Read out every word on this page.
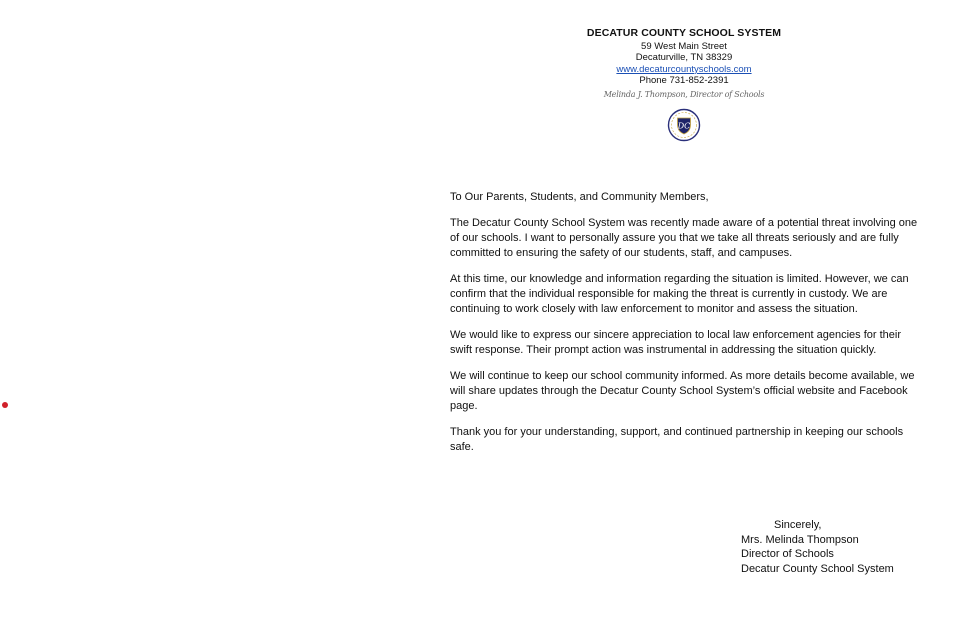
DECATUR COUNTY SCHOOL SYSTEM
59 West Main Street
Decaturville, TN 38329
www.decaturcountyschools.com
Phone 731-852-2391
Melinda J. Thompson, Director of Schools
DC

To Our Parents, Students, and Community Members,

The Decatur County School System was recently made aware of a potential threat involving one of our schools. I want to personally assure you that we take all threats seriously and are fully committed to ensuring the safety of our students, staff, and campuses.

At this time, our knowledge and information regarding the situation is limited. However, we can confirm that the individual responsible for making the threat is currently in custody. We are continuing to work closely with law enforcement to monitor and assess the situation.

We would like to express our sincere appreciation to local law enforcement agencies for their swift response. Their prompt action was instrumental in addressing the situation quickly.

We will continue to keep our school community informed. As more details become available, we will share updates through the Decatur County School System’s official website and Facebook page.

Thank you for your understanding, support, and continued partnership in keeping our schools safe.

Sincerely,
Mrs. Melinda Thompson
Director of Schools
Decatur County School System
